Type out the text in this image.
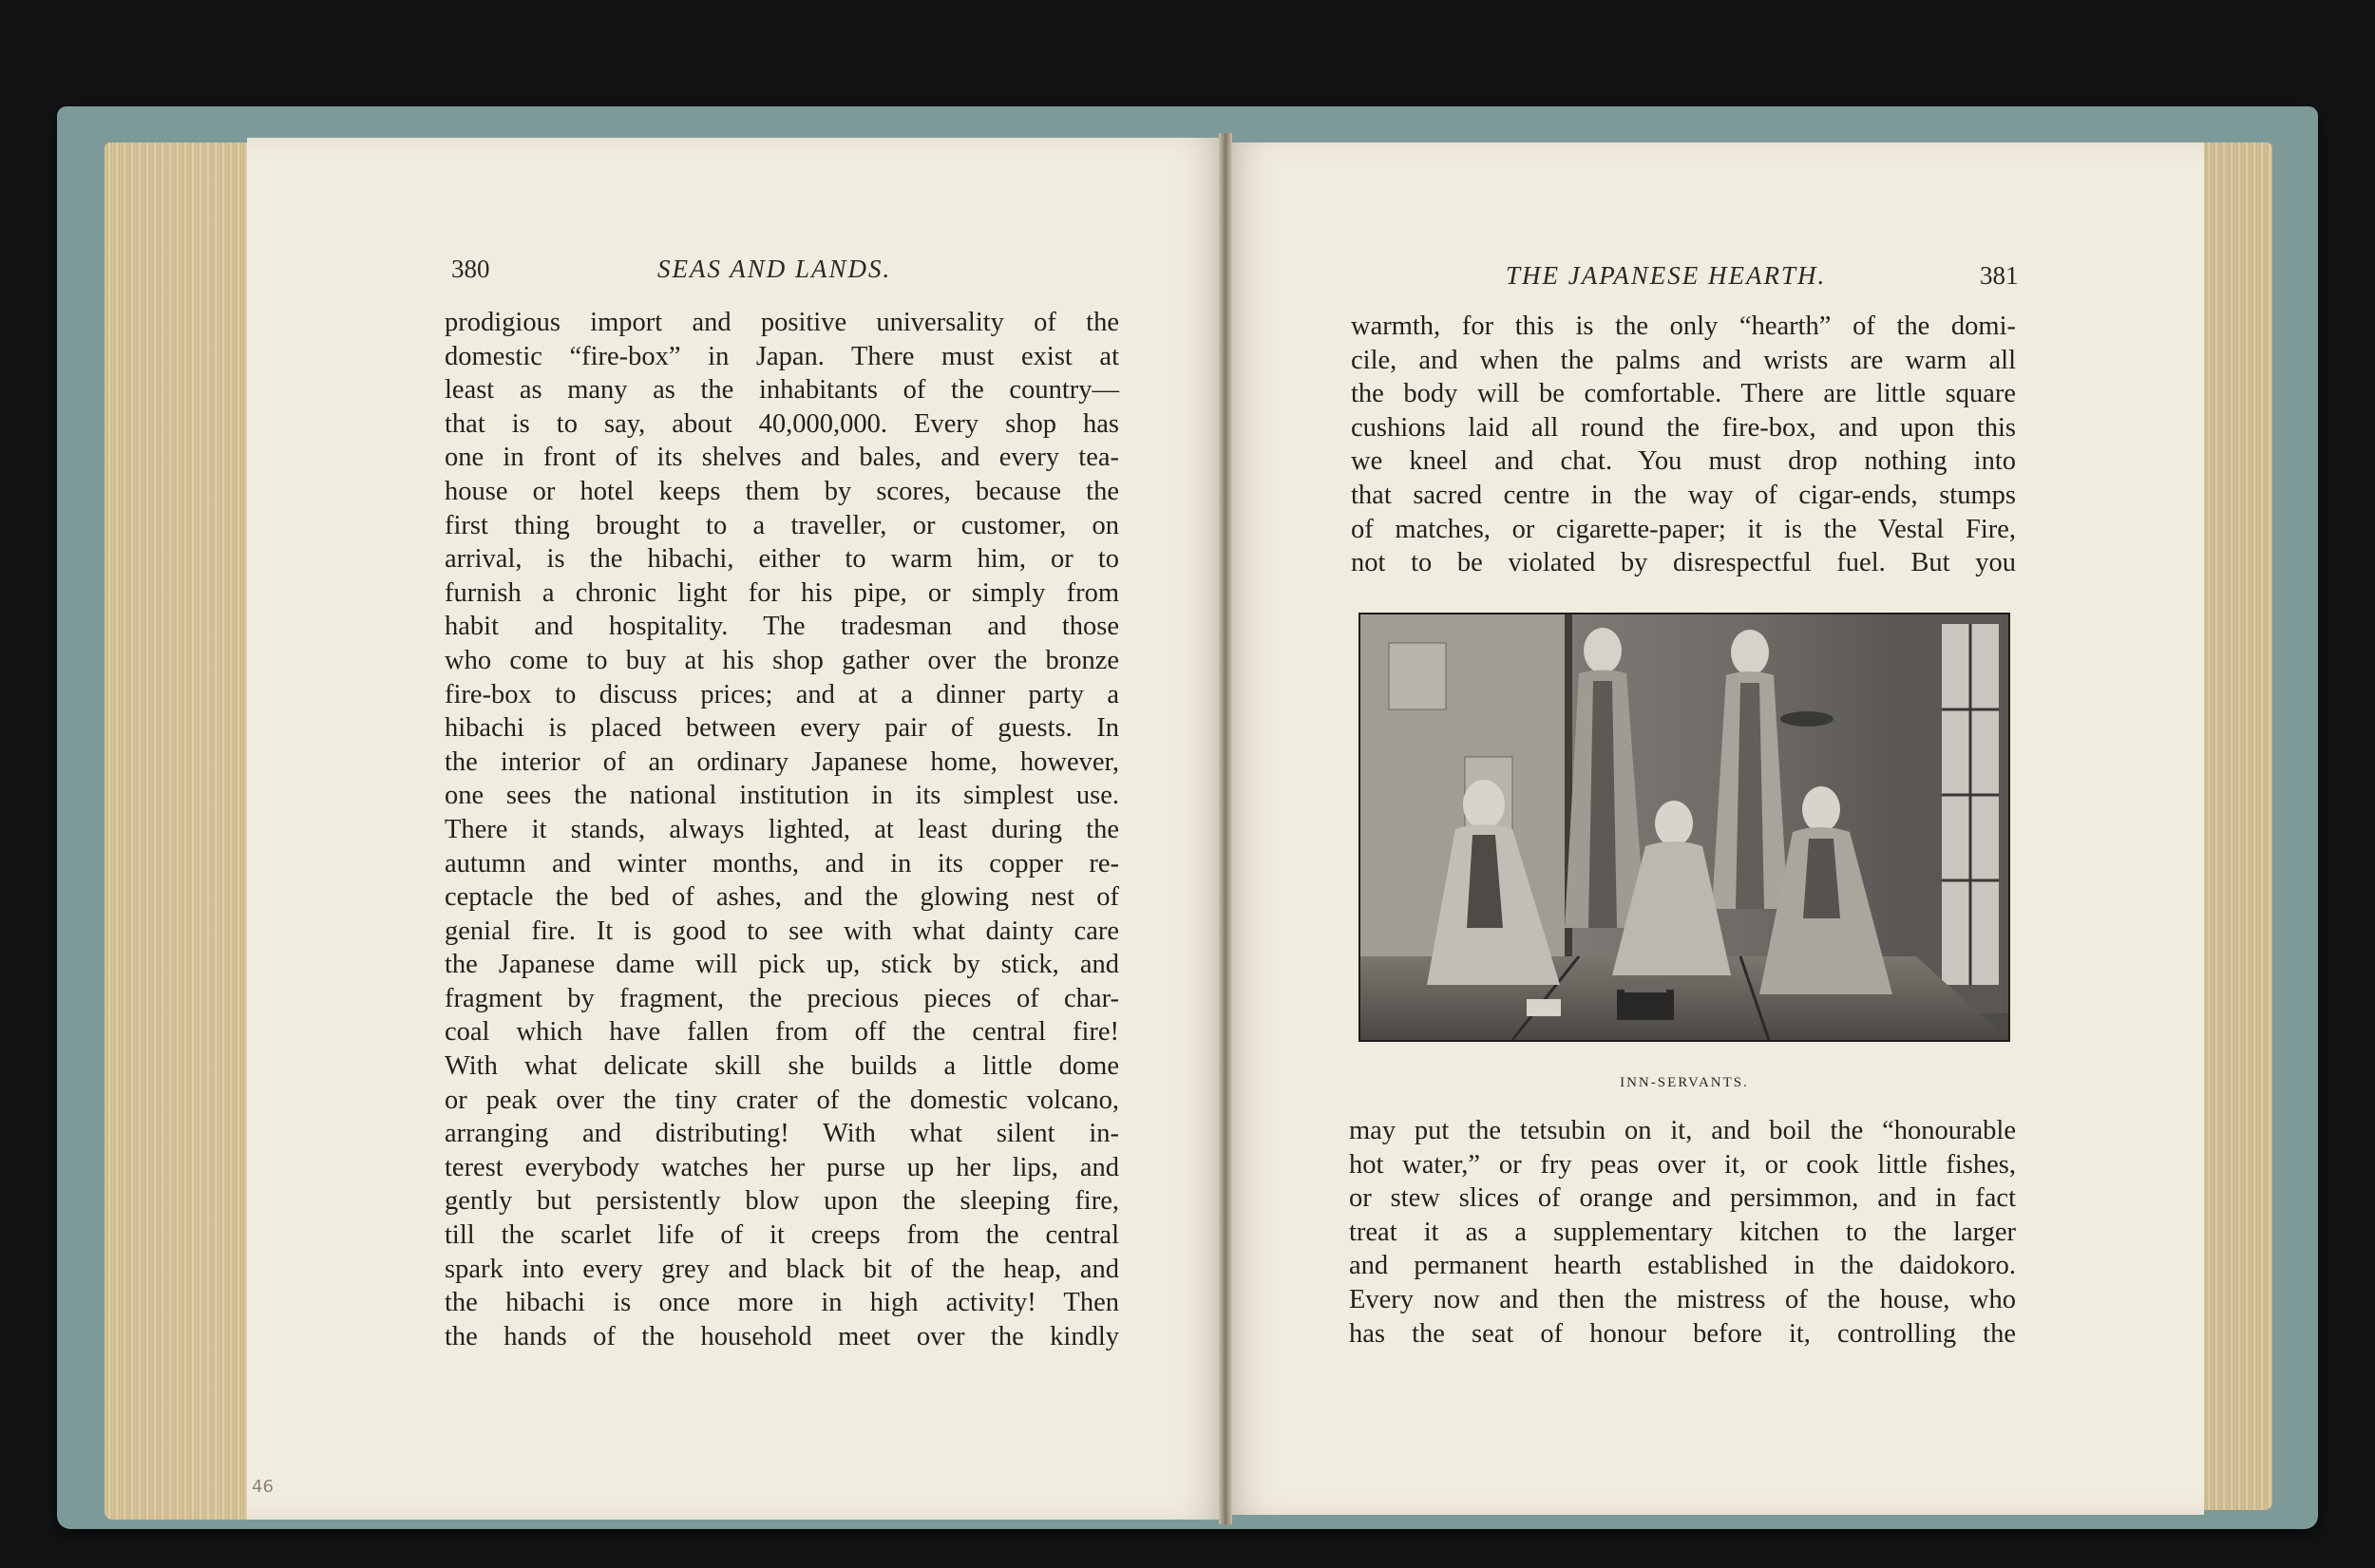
380	SEAS AND LANDS.	THE JAPANESE HEARTH.	381
prodigious import and positive universality of the
domestic “fire-box” in Japan. There must exist at
least as many as the inhabitants of the country—
that is to say, about 40,000,000. Every shop has
one in front of its shelves and bales, and every tea-
house or hotel keeps them by scores, because the
first thing brought to a traveller, or customer, on
arrival, is the hibachi, either to warm him, or to
furnish a chronic light for his pipe, or simply from
habit and hospitality. The tradesman and those
who come to buy at his shop gather over the bronze
fire-box to discuss prices; and at a dinner party a
hibachi is placed between every pair of guests. In
the interior of an ordinary Japanese home, however,
one sees the national institution in its simplest use.
There it stands, always lighted, at least during the
autumn and winter months, and in its copper re-
ceptacle the bed of ashes, and the glowing nest of
genial fire. It is good to see with what dainty care
the Japanese dame will pick up, stick by stick, and
fragment by fragment, the precious pieces of char-
coal which have fallen from off the central fire!
With what delicate skill she builds a little dome
or peak over the tiny crater of the domestic volcano,
arranging and distributing! With what silent in-
terest everybody watches her purse up her lips, and
gently but persistently blow upon the sleeping fire,
till the scarlet life of it creeps from the central
spark into every grey and black bit of the heap, and
the hibachi is once more in high activity! Then
the hands of the household meet over the kindly
warmth, for this is the only “hearth” of the domi-
cile, and when the palms and wrists are warm all
the body will be comfortable. There are little square
cushions laid all round the fire-box, and upon this
we kneel and chat. You must drop nothing into
that sacred centre in the way of cigar-ends, stumps
of matches, or cigarette-paper; it is the Vestal Fire,
not to be violated by disrespectful fuel. But you
INN-SERVANTS.
may put the tetsubin on it, and boil the “honourable
hot water,” or fry peas over it, or cook little fishes,
or stew slices of orange and persimmon, and in fact
treat it as a supplementary kitchen to the larger
and permanent hearth established in the daidokoro.
Every now and then the mistress of the house, who
has the seat of honour before it, controlling the
46
